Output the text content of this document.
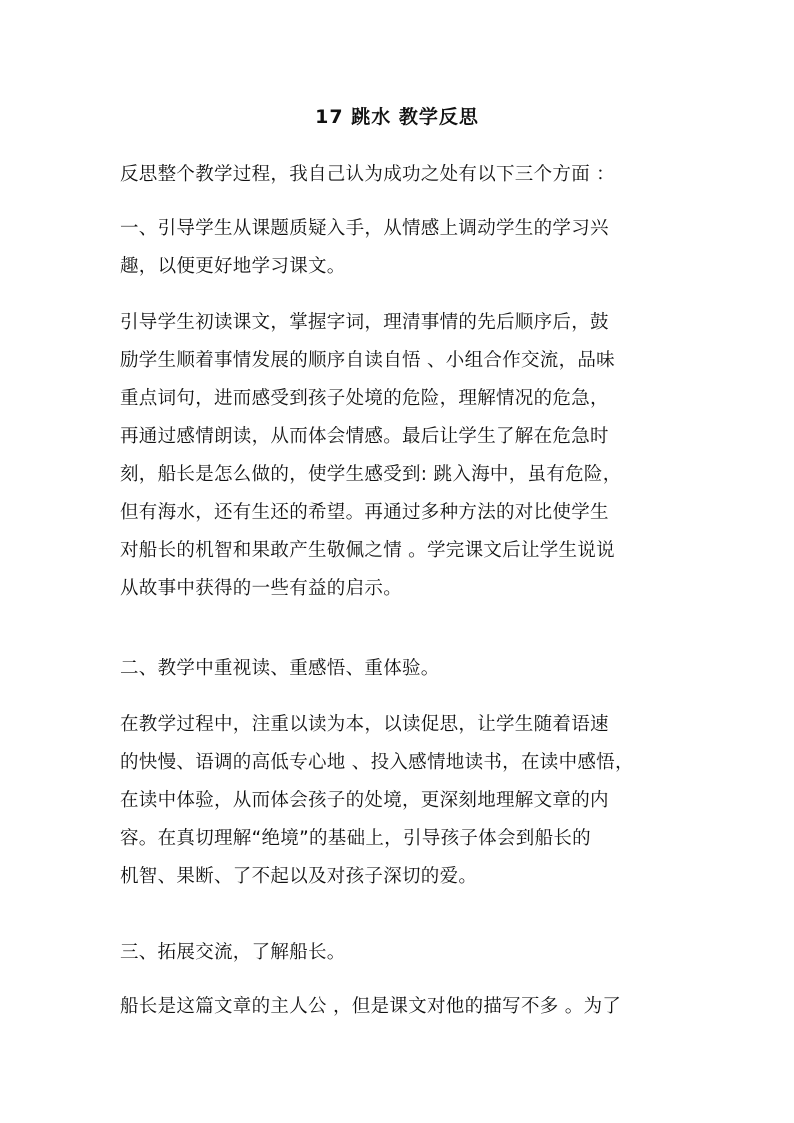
17 跳水 教学反思
反思整个教学过程，我自己认为成功之处有以下三个方面 ：
一、引导学生从课题质疑入手，从情感上调动学生的学习兴
趣，以便更好地学习课文。
引导学生初读课文，掌握字词，理清事情的先后顺序后，鼓
励学生顺着事情发展的顺序自读自悟 、小组合作交流，品味
重点词句，进而感受到孩子处境的危险，理解情况的危急，
再通过感情朗读，从而体会情感。最后让学生了解在危急时
刻，船长是怎么做的，使学生感受到: 跳入海中，虽有危险，
但有海水，还有生还的希望。再通过多种方法的对比使学生
对船长的机智和果敢产生敬佩之情 。学完课文后让学生说说
从故事中获得的一些有益的启示。
二、教学中重视读、重感悟、重体验。
在教学过程中，注重以读为本，以读促思，让学生随着语速
的快慢、语调的高低专心地 、投入感情地读书，在读中感悟，
在读中体验，从而体会孩子的处境，更深刻地理解文章的内
容。在真切理解“绝境”的基础上，引导孩子体会到船长的
机智、果断、了不起以及对孩子深切的爱。
三、拓展交流，了解船长。
船长是这篇文章的主人公 ，但是课文对他的描写不多 。为了
